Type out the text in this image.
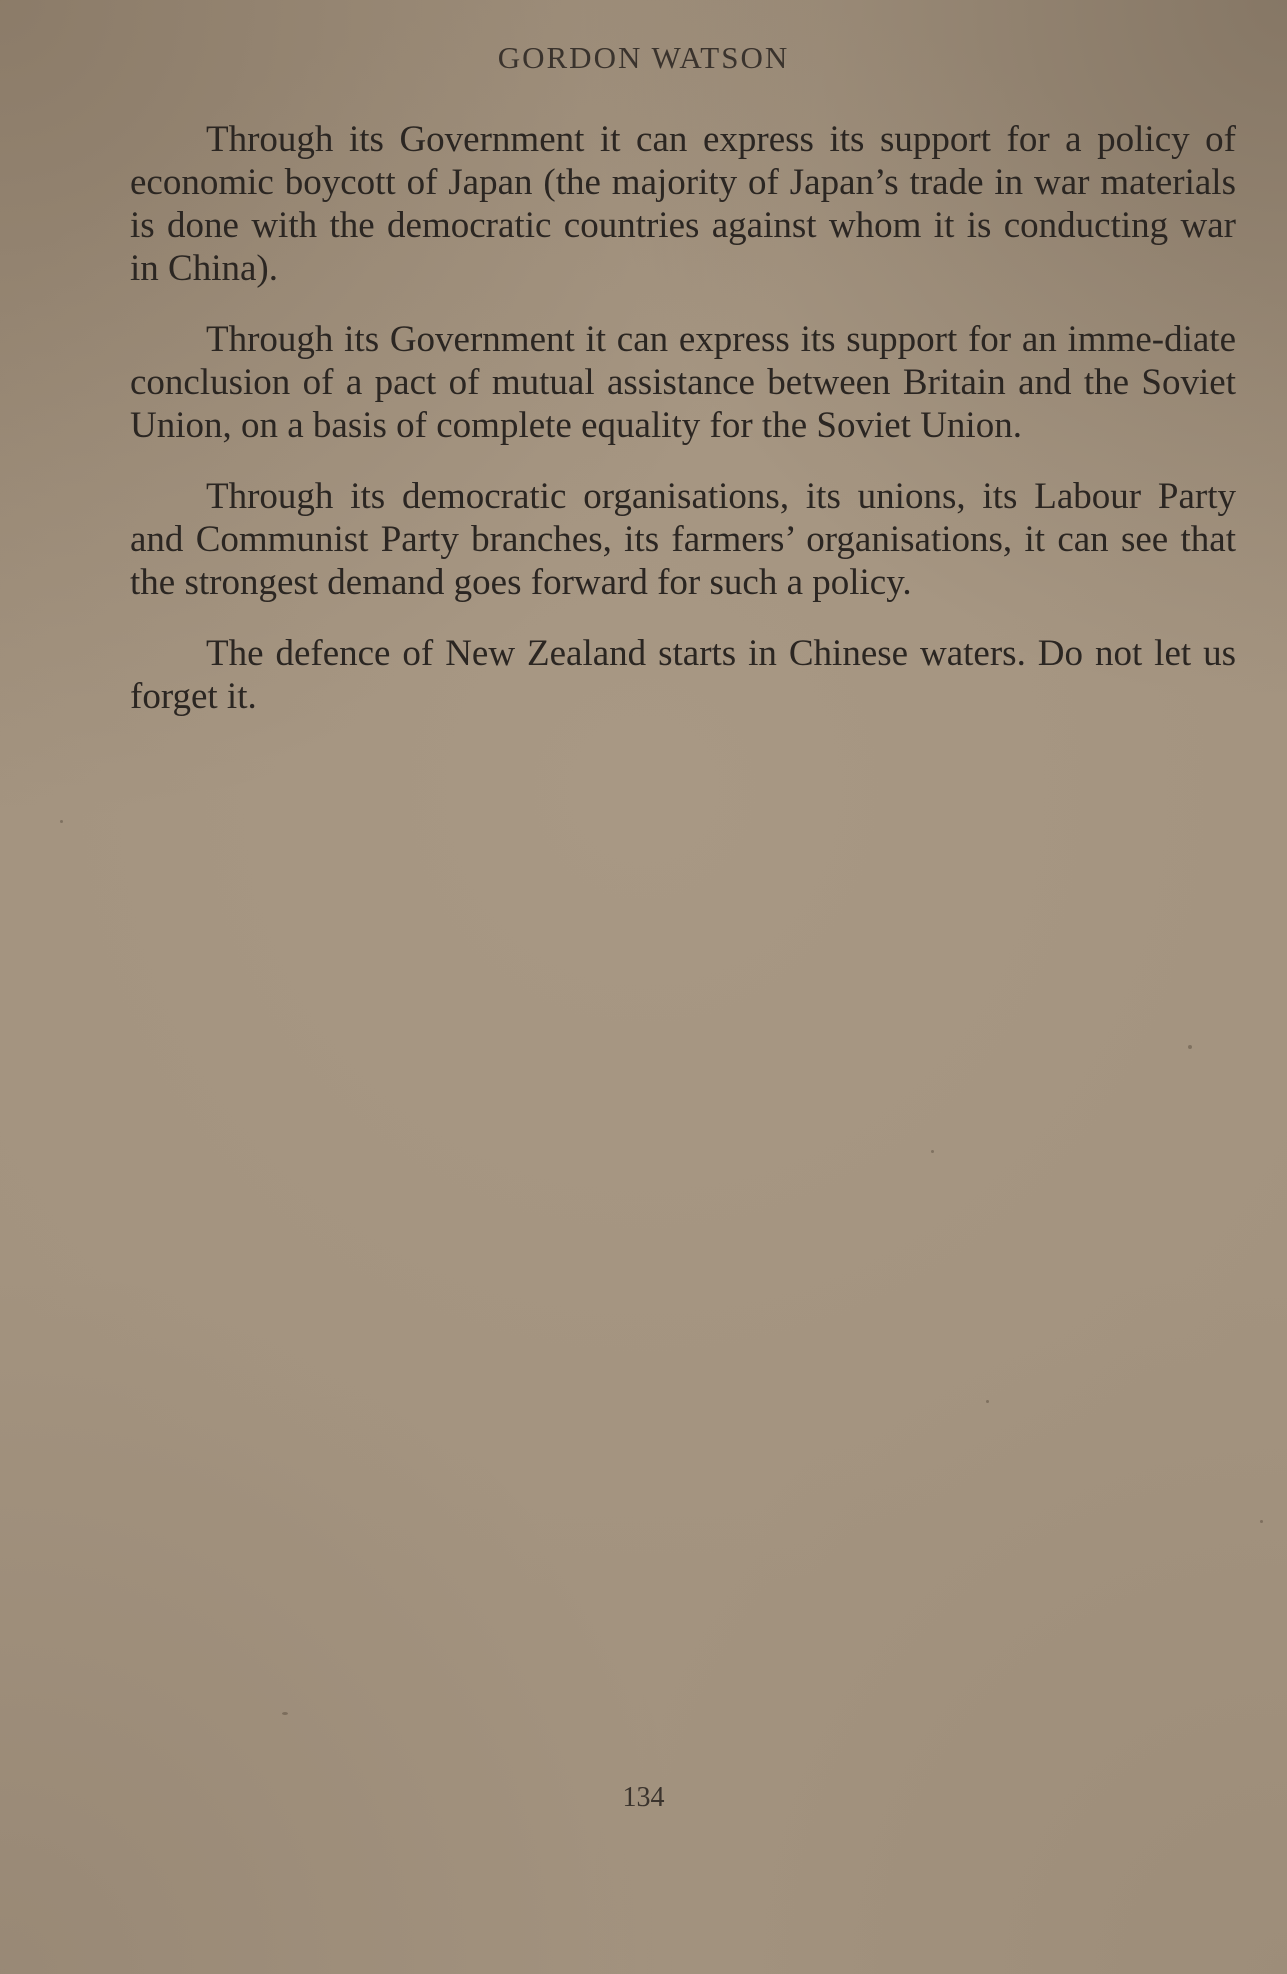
GORDON WATSON

Through its Government it can express its support for a policy of economic boycott of Japan (the majority of Japan’s trade in war materials is done with the democratic countries against whom it is conducting war in China).

Through its Government it can express its support for an imme-diate conclusion of a pact of mutual assistance between Britain and the Soviet Union, on a basis of complete equality for the Soviet Union.

Through its democratic organisations, its unions, its Labour Party and Communist Party branches, its farmers’ organisations, it can see that the strongest demand goes forward for such a policy.

The defence of New Zealand starts in Chinese waters. Do not let us forget it.

134
